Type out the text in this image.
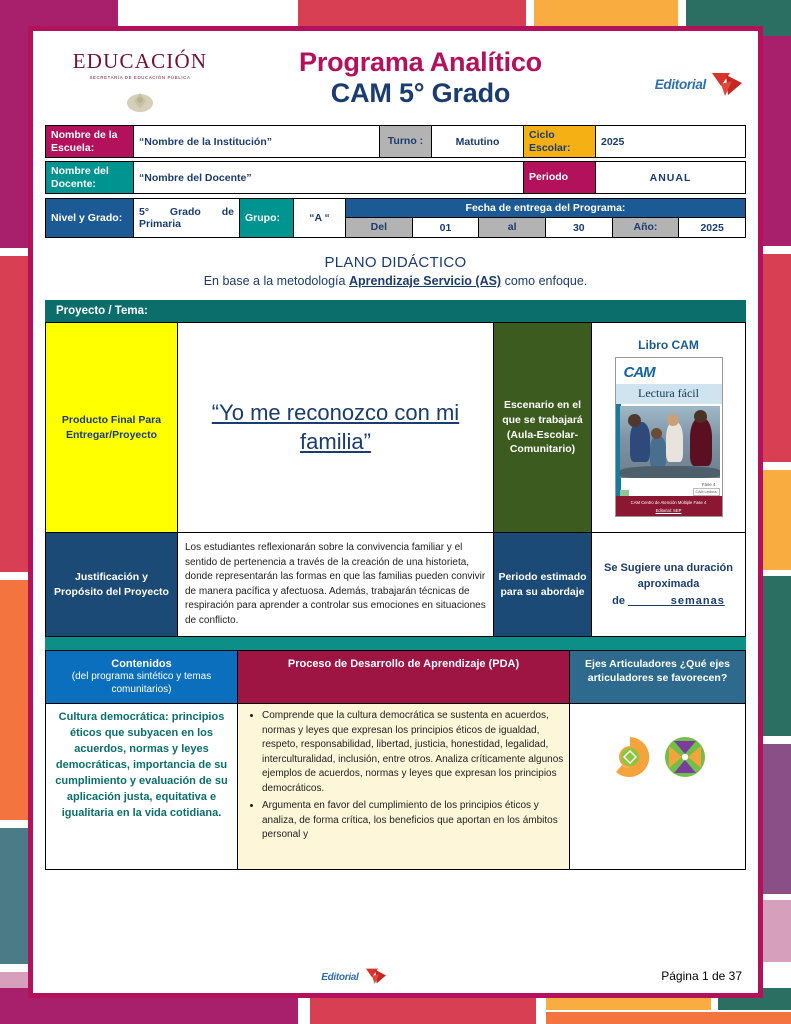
EDUCACIÓN
SECRETARÍA DE EDUCACIÓN PÚBLICA
Programa Analítico
CAM 5° Grado	Editorial
Nombre de la Escuela:	“Nombre de la Institución”	Turno :	Matutino	Ciclo Escolar:	2025

Nombre del Docente:	“Nombre del Docente”			Periodo	ANUAL

Nivel y Grado:	5° Grado de Primaria	Grupo:	“A “	Fecha de entrega del Programa:					
				Del	01	al	30	Año:	2025
PLANO DIDÁCTICO
En base a la metodología Aprendizaje Servicio (AS) como enfoque.
Proyecto / Tema:
Producto Final Para Entregar/Proyecto	“Yo me reconozco con mi familia”	Escenario en el que se trabajará (Aula-Escolar-Comunitario)	
Libro CAM
CAM
Lectura fácil
Fase 4
CAM Lectura
CAM Centro de Atención Múltiple Fase 4
Editorial: SEP

Justificación y Propósito del Proyecto	Los estudiantes reflexionarán sobre la convivencia familiar y el sentido de pertenencia a través de la creación de una historieta, donde representarán las formas en que las familias pueden convivir de manera pacífica y afectuosa. Además, trabajarán técnicas de respiración para aprender a controlar sus emociones en situaciones de conflicto.	Periodo estimado para su abordaje	Se Sugiere una duración aproximada
de ______semanas
Contenidos
(del programa sintético y temas comunitarios)	Proceso de Desarrollo de Aprendizaje (PDA)	Ejes Articuladores ¿Qué ejes articuladores se favorecen?
Cultura democrática: principios éticos que subyacen en los acuerdos, normas y leyes democráticas, importancia de su cumplimiento y evaluación de su aplicación justa, equitativa e igualitaria en la vida cotidiana.	
• Comprende que la cultura democrática se sustenta en acuerdos, normas y leyes que expresan los principios éticos de igualdad, respeto, responsabilidad, libertad, justicia, honestidad, legalidad, interculturalidad, inclusión, entre otros. Analiza críticamente algunos ejemplos de acuerdos, normas y leyes que expresan los principios democráticos.
• Argumenta en favor del cumplimiento de los principios éticos y analiza, de forma crítica, los beneficios que aportan en los ámbitos personal y

Editorial	Página 1 de 37
